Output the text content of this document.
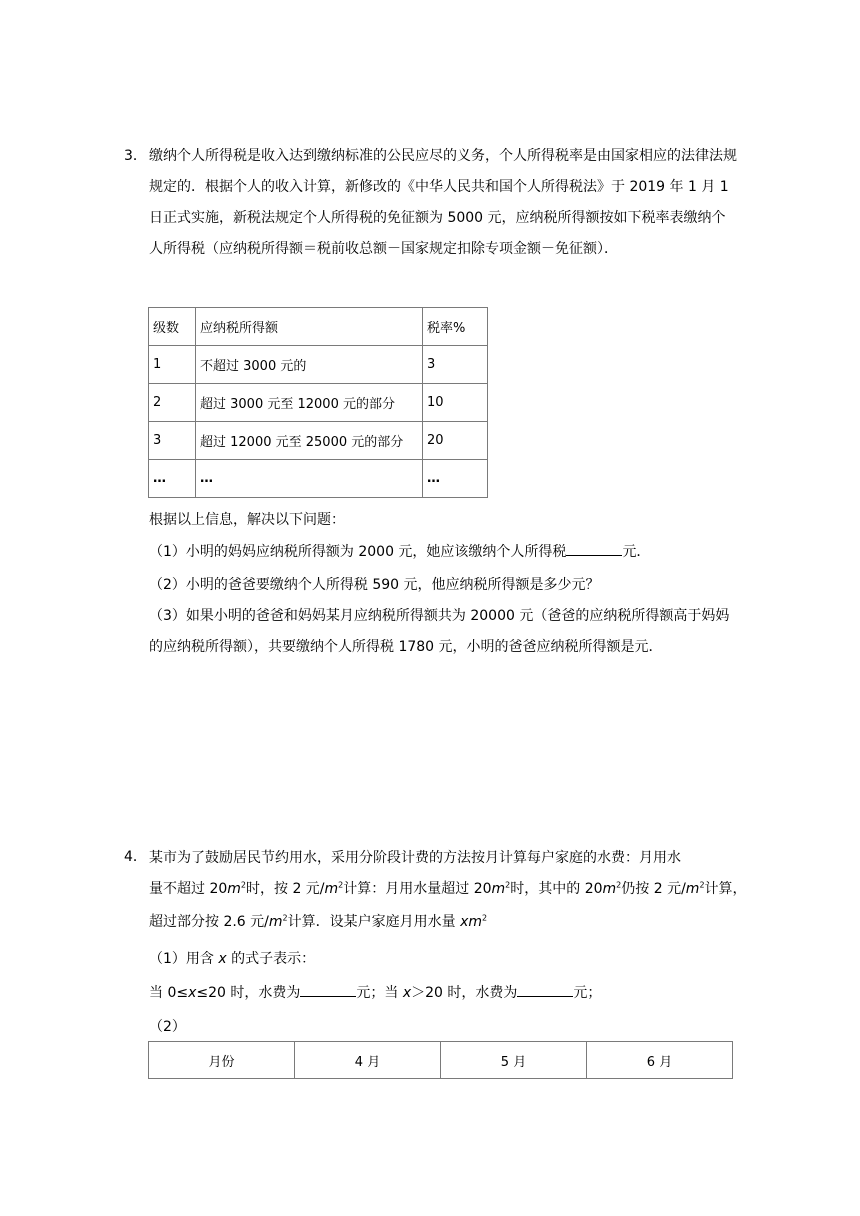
3． 缴纳个人所得税是收入达到缴纳标准的公民应尽的义务，个人所得税率是由国家相应的法律法规规定的．根据个人的收入计算，新修改的《中华人民共和国个人所得税法》于 2019 年 1 月 1 日正式实施，新税法规定个人所得税的免征额为 5000 元，应纳税所得额按如下税率表缴纳个人所得税（应纳税所得额＝税前收总额－国家规定扣除专项金额－免征额）．

级数	应纳税所得额	税率%
1	不超过 3000 元的	3
2	超过 3000 元至 12000 元的部分	10
3	超过 12000 元至 25000 元的部分	20
…	…	…
根据以上信息，解决以下问题：
（1）小明的妈妈应纳税所得额为 2000 元，她应该缴纳个人所得税	元．
（2）小明的爸爸要缴纳个人所得税 590 元，他应纳税所得额是多少元？

（3）如果小明的爸爸和妈妈某月应纳税所得额共为 20000 元（爸爸的应纳税所得额高于妈妈的应纳税所得额），共要缴纳个人所得税 1780 元，小明的爸爸应纳税所得额是元．

4． 某市为了鼓励居民节约用水，采用分阶段计费的方法按月计算每户家庭的水费：月用水
量不超过 $20m^2$时，按 2 元$/m^2$计算：月用水量超过 $20m^2$时，其中的 $20m^2$仍按 2 元$/m^2$计算，
超过部分按 2.6 元$/m^2$计算．设某户家庭月用水量 $xm^2$
（1）用含 x 的式子表示：
当 0≤x≤20 时，水费为	元；当 x＞20 时，水费为	元；
（2）
月份	4 月	5 月	6 月
